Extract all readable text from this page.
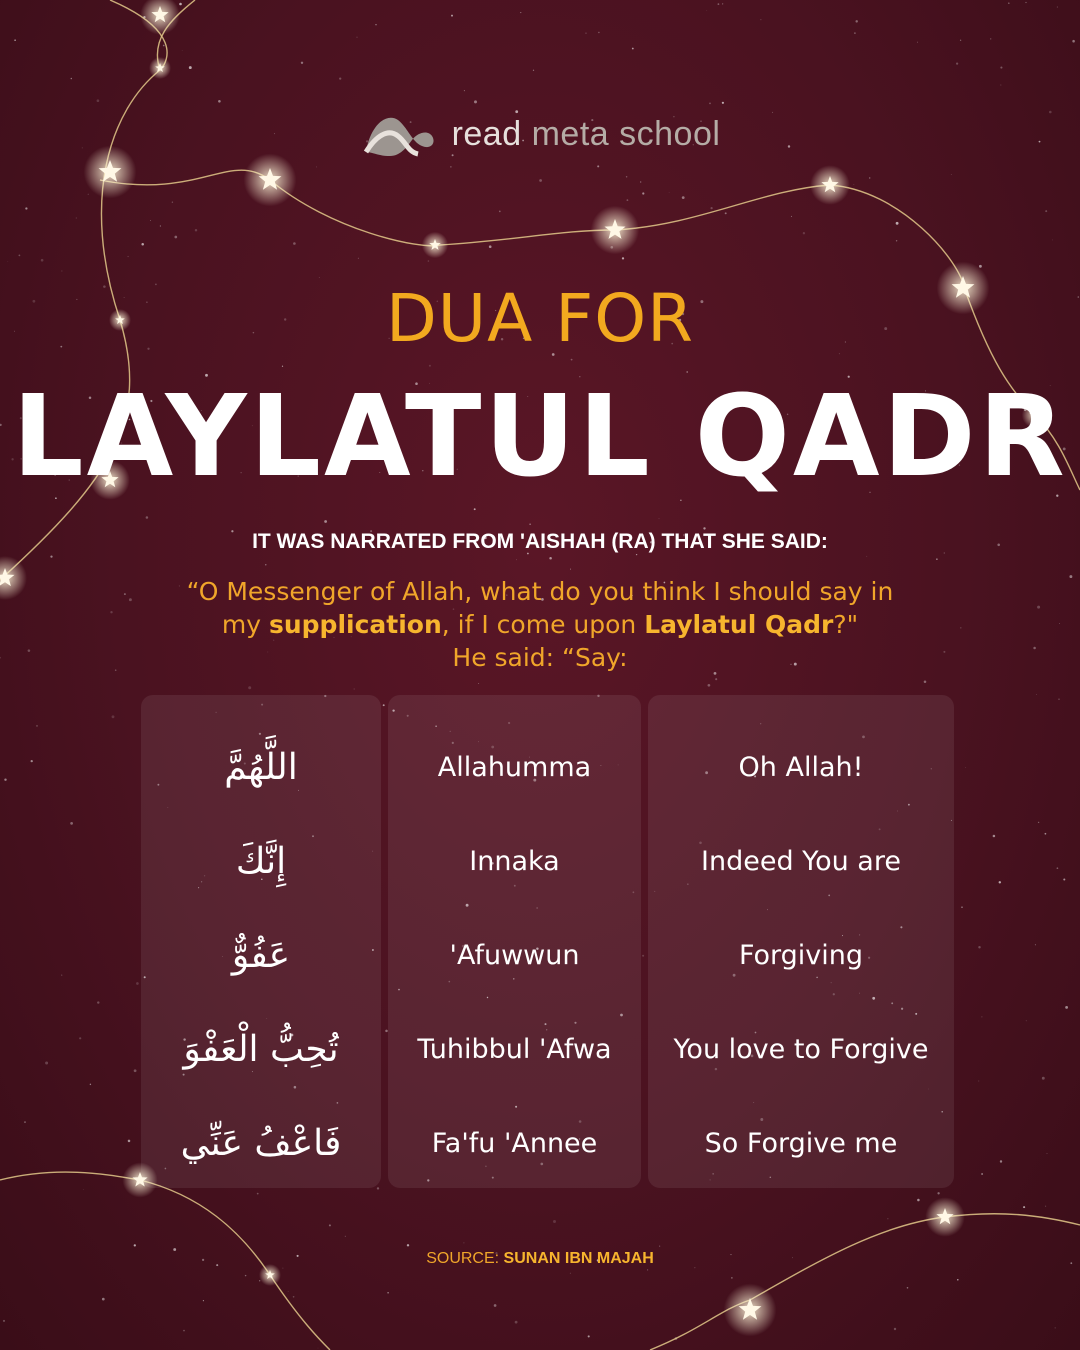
read meta school
DUA FOR
LAYLATUL QADR
IT WAS NARRATED FROM 'AISHAH (RA) THAT SHE SAID:
“O Messenger of Allah, what do you think I should say in
my supplication, if I come upon Laylatul Qadr?"
He said: “Say:
اللَّهُمَّ
إِنَّكَ
عَفُوٌّ
تُحِبُّ الْعَفْوَ
فَاعْفُ عَنِّي
Allahumma
Innaka
'Afuwwun
Tuhibbul 'Afwa
Fa'fu 'Annee
Oh Allah!
Indeed You are
Forgiving
You love to Forgive
So Forgive me
SOURCE: SUNAN IBN MAJAH
